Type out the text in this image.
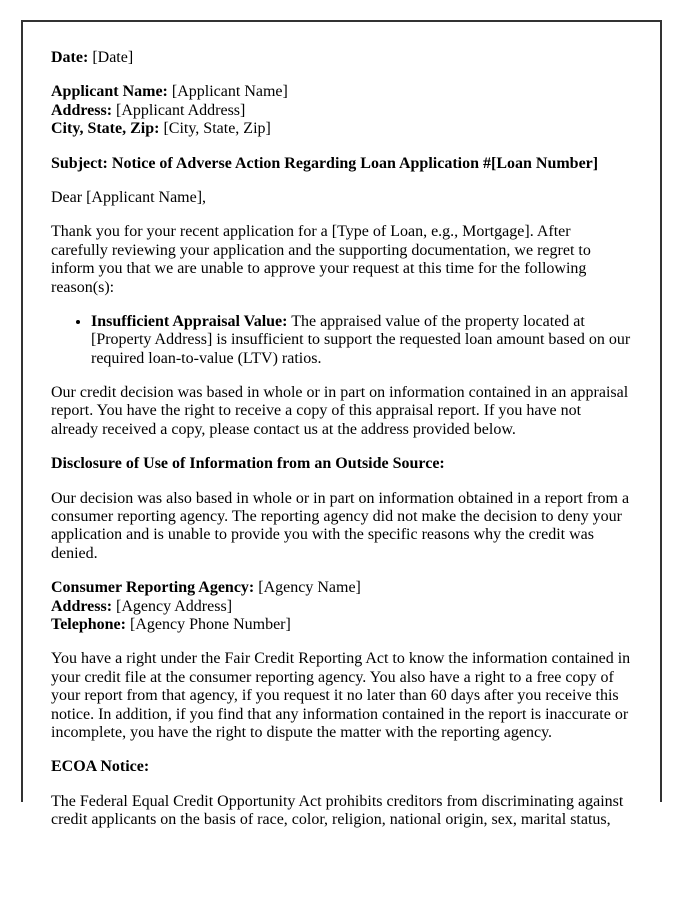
Date: [Date]

Applicant Name: [Applicant Name]
Address: [Applicant Address]
City, State, Zip: [City, State, Zip]

Subject: Notice of Adverse Action Regarding Loan Application #[Loan Number]

Dear [Applicant Name],

Thank you for your recent application for a [Type of Loan, e.g., Mortgage]. After carefully reviewing your application and the supporting documentation, we regret to inform you that we are unable to approve your request at this time for the following reason(s):

• Insufficient Appraisal Value: The appraised value of the property located at [Property Address] is insufficient to support the requested loan amount based on our required loan-to-value (LTV) ratios.

Our credit decision was based in whole or in part on information contained in an appraisal report. You have the right to receive a copy of this appraisal report. If you have not already received a copy, please contact us at the address provided below.

Disclosure of Use of Information from an Outside Source:

Our decision was also based in whole or in part on information obtained in a report from a consumer reporting agency. The reporting agency did not make the decision to deny your application and is unable to provide you with the specific reasons why the credit was denied.

Consumer Reporting Agency: [Agency Name]
Address: [Agency Address]
Telephone: [Agency Phone Number]

You have a right under the Fair Credit Reporting Act to know the information contained in your credit file at the consumer reporting agency. You also have a right to a free copy of your report from that agency, if you request it no later than 60 days after you receive this notice. In addition, if you find that any information contained in the report is inaccurate or incomplete, you have the right to dispute the matter with the reporting agency.

ECOA Notice:

The Federal Equal Credit Opportunity Act prohibits creditors from discriminating against credit applicants on the basis of race, color, religion, national origin, sex, marital status,
